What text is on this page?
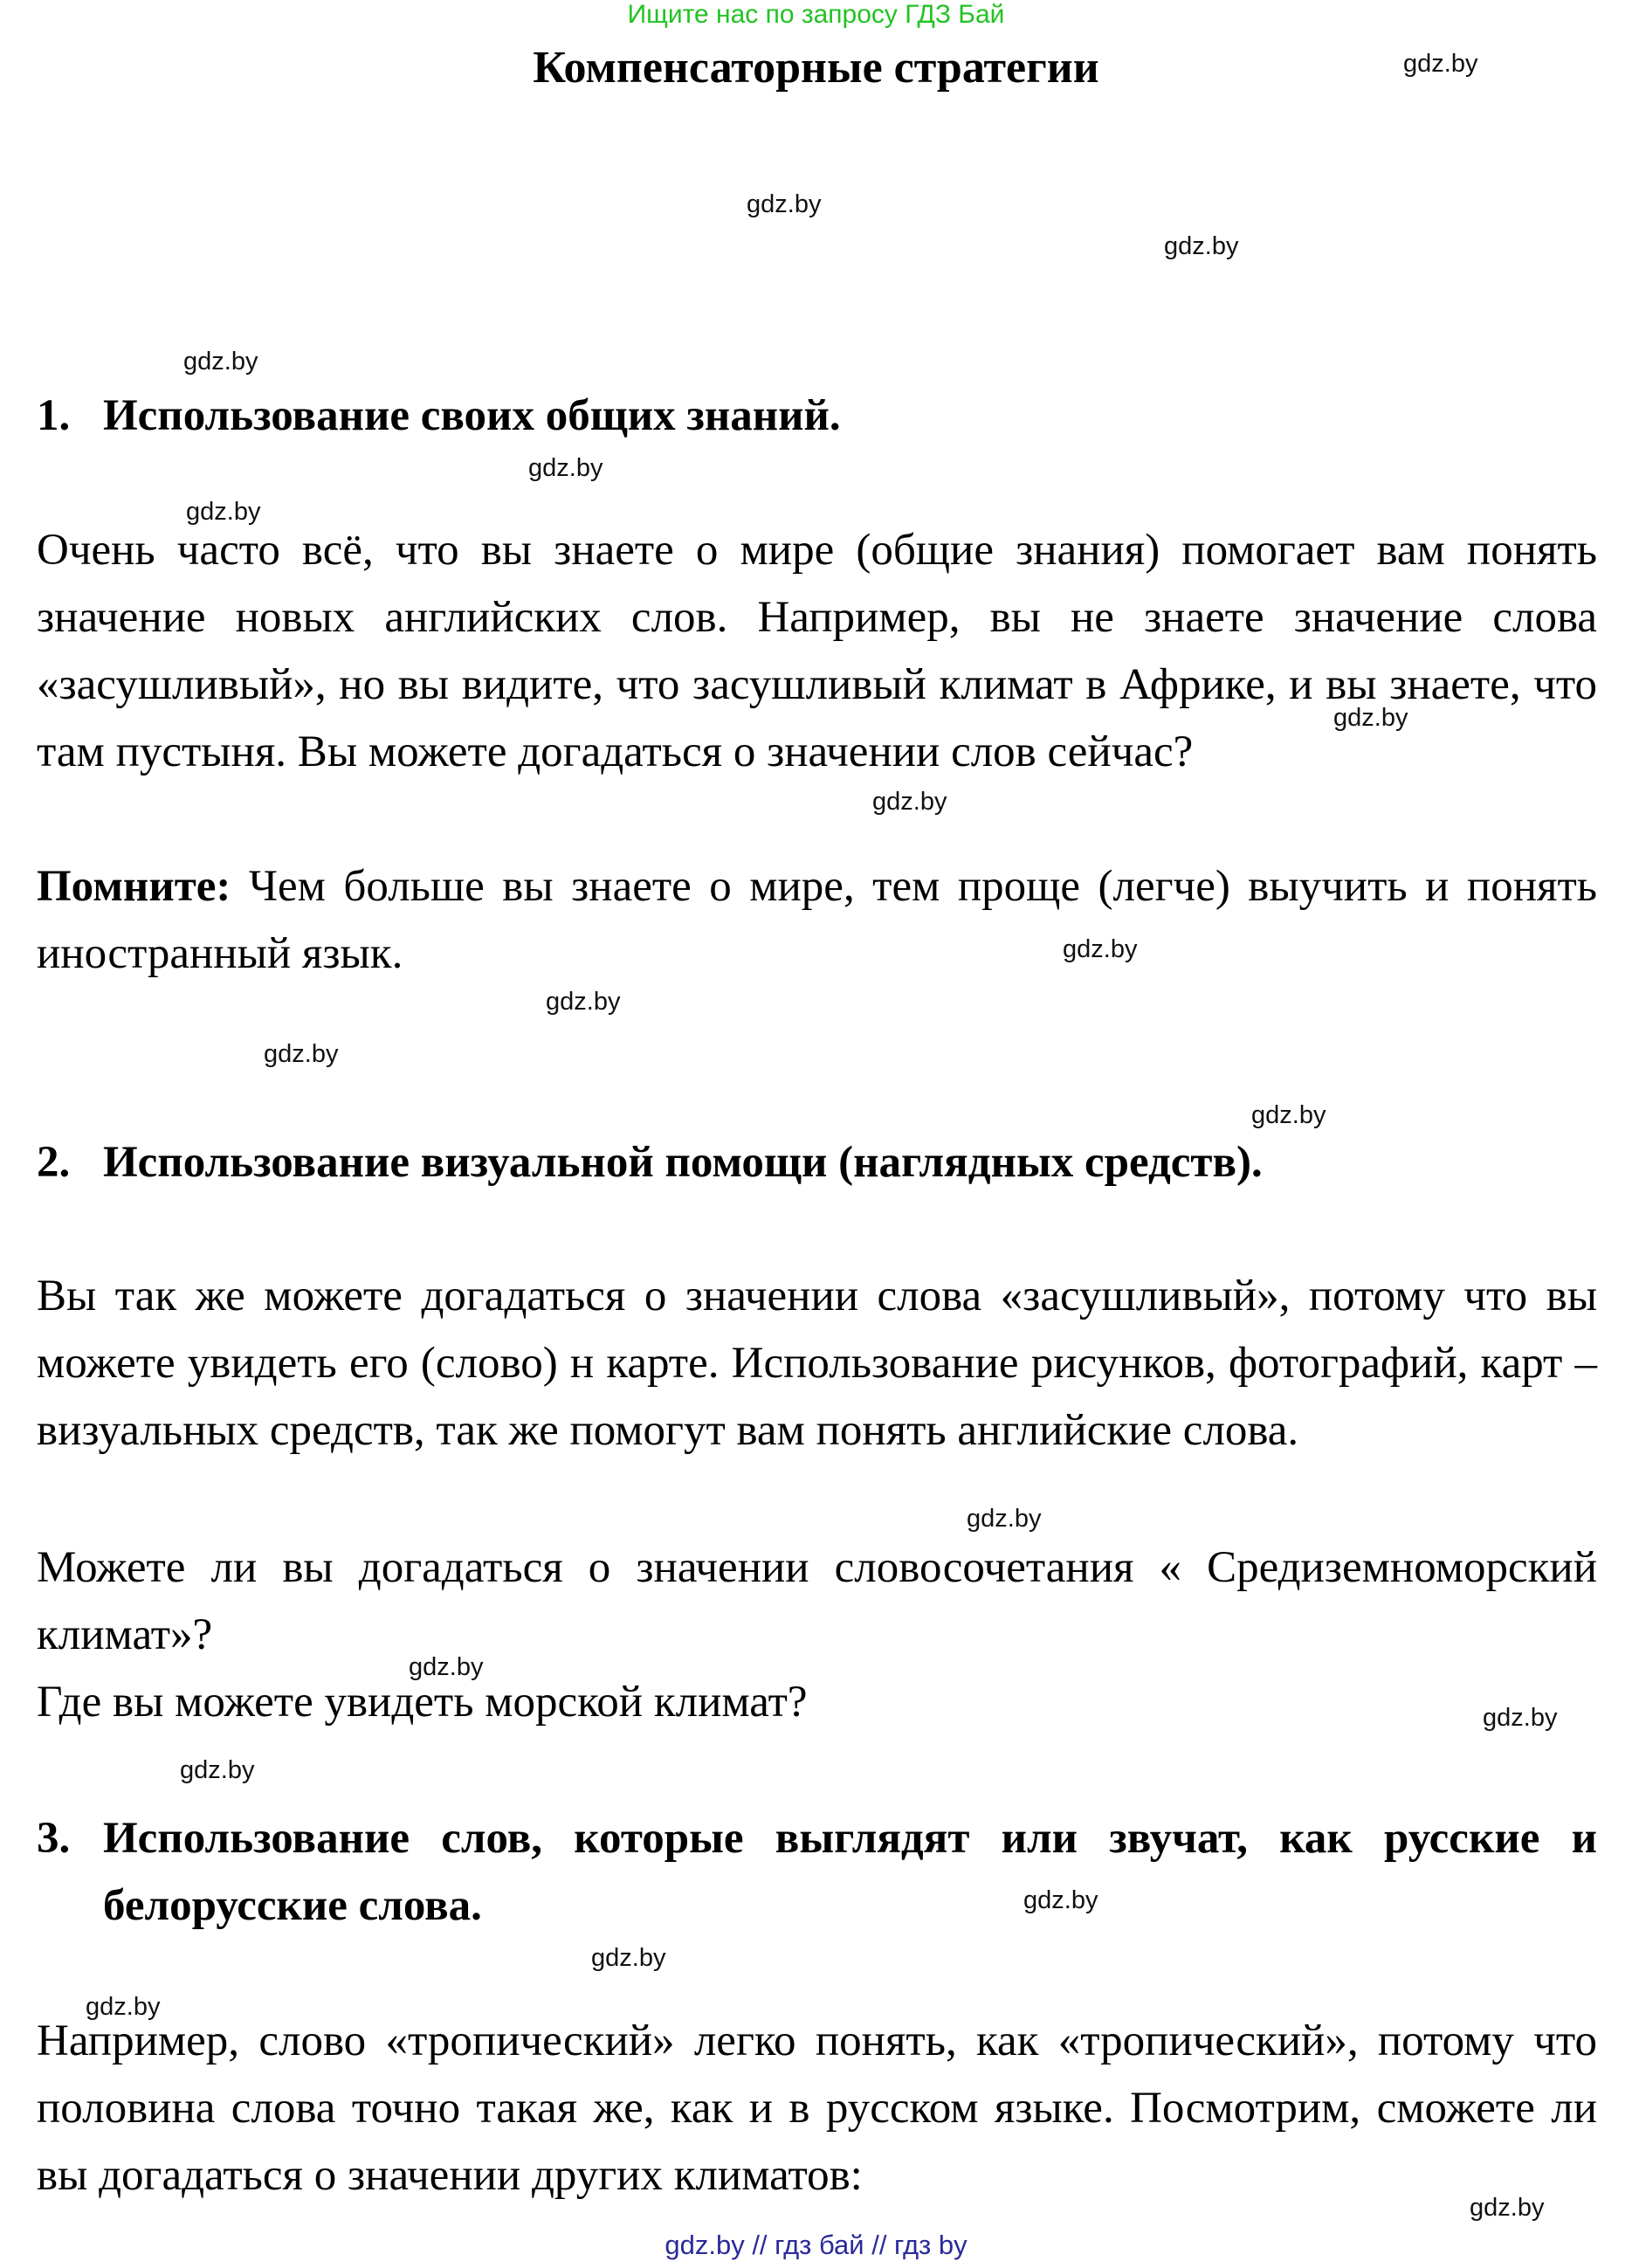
Ищите нас по запросу ГДЗ Бай
Компенсаторные стратегии	gdz.by
gdz.by
gdz.by
gdz.by
gdz.by
gdz.by
gdz.by
gdz.by
gdz.by
gdz.by
gdz.by
gdz.by
gdz.by
gdz.by
gdz.by
gdz.by
gdz.by
gdz.by
gdz.by
gdz.by
1. Использование своих общих знаний.
Очень часто всё, что вы знаете о мире (общие знания) помогает вам понять значение новых английских слов. Например, вы не знаете значение слова «засушливый», но вы видите, что засушливый климат в Африке, и вы знаете, что там пустыня. Вы можете догадаться о значении слов сейчас?
Помните: Чем больше вы знаете о мире, тем проще (легче) выучить и понять иностранный язык.
2. Использование визуальной помощи (наглядных средств).
Вы так же можете догадаться о значении слова «засушливый», потому что вы можете увидеть его (слово) н карте. Использование рисунков, фотографий, карт – визуальных средств, так же помогут вам понять английские слова.
Можете ли вы догадаться о значении словосочетания « Средиземноморский климат»?
Где вы можете увидеть морской климат?
3. Использование слов, которые выглядят или звучат, как русские и белорусские слова.
Например, слово «тропический» легко понять, как «тропический», потому что половина слова точно такая же, как и в русском языке. Посмотрим, сможете ли вы догадаться о значении других климатов:
gdz.by // гдз бай // гдз by
